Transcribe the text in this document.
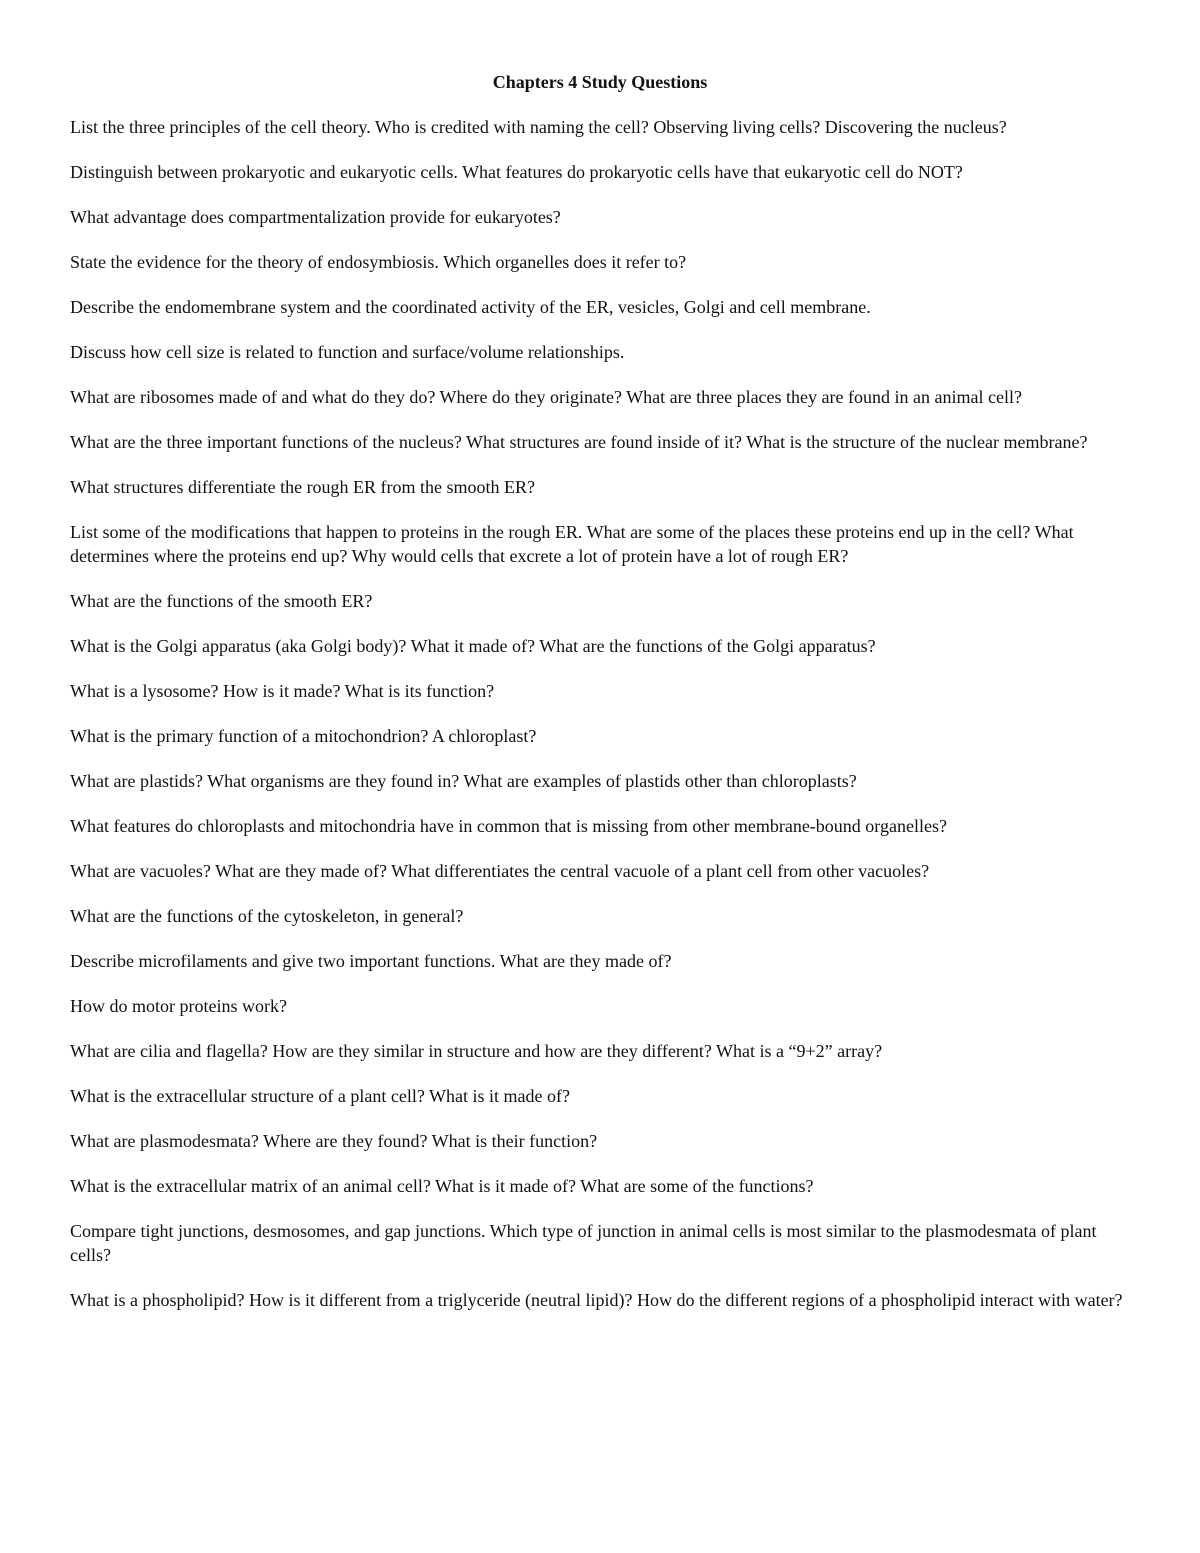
Chapters 4 Study Questions

List the three principles of the cell theory. Who is credited with naming the cell? Observing living cells? Discovering the nucleus?

Distinguish between prokaryotic and eukaryotic cells. What features do prokaryotic cells have that eukaryotic cell do NOT?

What advantage does compartmentalization provide for eukaryotes?

State the evidence for the theory of endosymbiosis. Which organelles does it refer to?

Describe the endomembrane system and the coordinated activity of the ER, vesicles, Golgi and cell membrane.

Discuss how cell size is related to function and surface/volume relationships.

What are ribosomes made of and what do they do? Where do they originate? What are three places they are found in an animal cell?

What are the three important functions of the nucleus? What structures are found inside of it? What is the structure of the nuclear membrane?

What structures differentiate the rough ER from the smooth ER?

List some of the modifications that happen to proteins in the rough ER. What are some of the places these proteins end up in the cell? What determines where the proteins end up? Why would cells that excrete a lot of protein have a lot of rough ER?

What are the functions of the smooth ER?

What is the Golgi apparatus (aka Golgi body)? What it made of? What are the functions of the Golgi apparatus?

What is a lysosome? How is it made? What is its function?

What is the primary function of a mitochondrion? A chloroplast?

What are plastids? What organisms are they found in? What are examples of plastids other than chloroplasts?

What features do chloroplasts and mitochondria have in common that is missing from other membrane-bound organelles?

What are vacuoles? What are they made of? What differentiates the central vacuole of a plant cell from other vacuoles?

What are the functions of the cytoskeleton, in general?

Describe microfilaments and give two important functions. What are they made of?

How do motor proteins work?

What are cilia and flagella? How are they similar in structure and how are they different? What is a “9+2” array?

What is the extracellular structure of a plant cell? What is it made of?

What are plasmodesmata? Where are they found? What is their function?

What is the extracellular matrix of an animal cell? What is it made of? What are some of the functions?

Compare tight junctions, desmosomes, and gap junctions. Which type of junction in animal cells is most similar to the plasmodesmata of plant cells?

What is a phospholipid? How is it different from a triglyceride (neutral lipid)? How do the different regions of a phospholipid interact with water?
